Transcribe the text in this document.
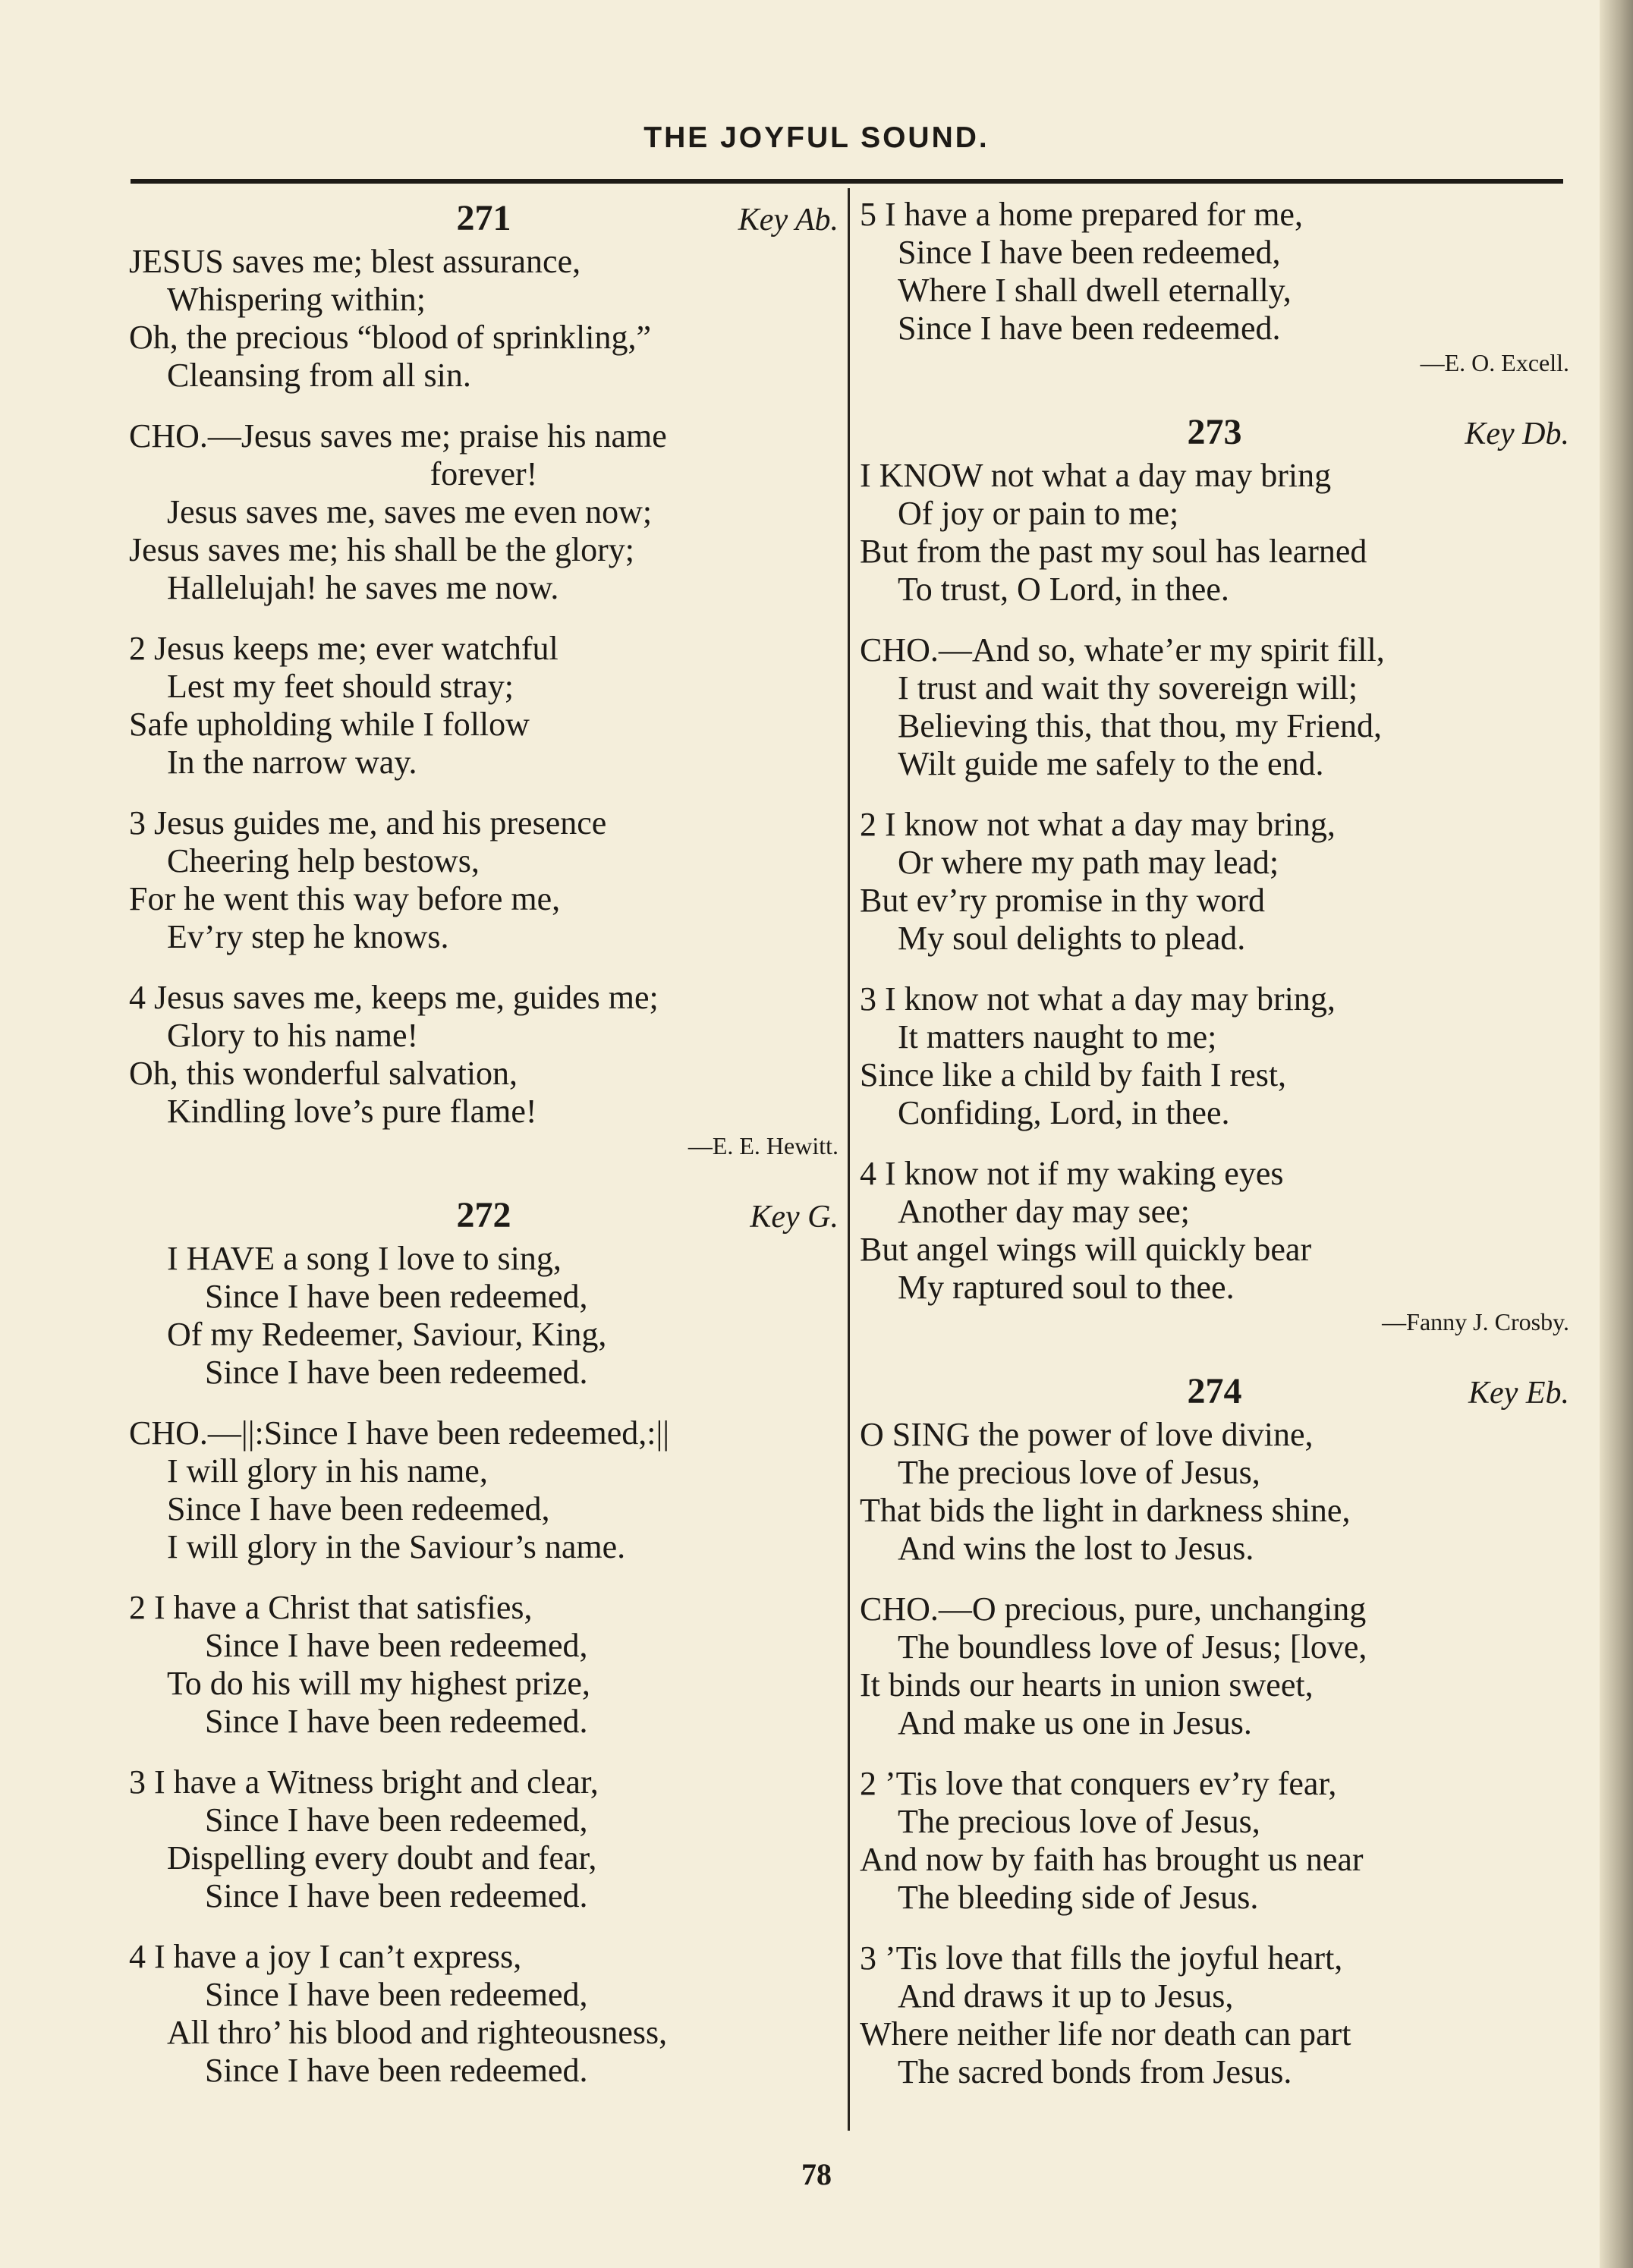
THE JOYFUL SOUND.
271	Key Ab.
JESUS saves me; blest assurance,
Whispering within;
Oh, the precious “blood of sprinkling,”
Cleansing from all sin.
CHO.—Jesus saves me; praise his name
forever!
Jesus saves me, saves me even now;
Jesus saves me; his shall be the glory;
Hallelujah! he saves me now.
2 Jesus keeps me; ever watchful
Lest my feet should stray;
Safe upholding while I follow
In the narrow way.
3 Jesus guides me, and his presence
Cheering help bestows,
For he went this way before me,
Ev’ry step he knows.
4 Jesus saves me, keeps me, guides me;
Glory to his name!
Oh, this wonderful salvation,
Kindling love’s pure flame!
—E. E. Hewitt.
272	Key G.
I HAVE a song I love to sing,
Since I have been redeemed,
Of my Redeemer, Saviour, King,
Since I have been redeemed.
CHO.—||:Since I have been redeemed,:||
I will glory in his name,
Since I have been redeemed,
I will glory in the Saviour’s name.
2 I have a Christ that satisfies,
Since I have been redeemed,
To do his will my highest prize,
Since I have been redeemed.
3 I have a Witness bright and clear,
Since I have been redeemed,
Dispelling every doubt and fear,
Since I have been redeemed.
4 I have a joy I can’t express,
Since I have been redeemed,
All thro’ his blood and righteousness,
Since I have been redeemed.
5 I have a home prepared for me,
Since I have been redeemed,
Where I shall dwell eternally,
Since I have been redeemed.
—E. O. Excell.
273	Key Db.
I KNOW not what a day may bring
Of joy or pain to me;
But from the past my soul has learned
To trust, O Lord, in thee.
CHO.—And so, whate’er my spirit fill,
I trust and wait thy sovereign will;
Believing this, that thou, my Friend,
Wilt guide me safely to the end.
2 I know not what a day may bring,
Or where my path may lead;
But ev’ry promise in thy word
My soul delights to plead.
3 I know not what a day may bring,
It matters naught to me;
Since like a child by faith I rest,
Confiding, Lord, in thee.
4 I know not if my waking eyes
Another day may see;
But angel wings will quickly bear
My raptured soul to thee.
—Fanny J. Crosby.
274	Key Eb.
O SING the power of love divine,
The precious love of Jesus,
That bids the light in darkness shine,
And wins the lost to Jesus.
CHO.—O precious, pure, unchanging
The boundless love of Jesus; [love,
It binds our hearts in union sweet,
And make us one in Jesus.
2 ’Tis love that conquers ev’ry fear,
The precious love of Jesus,
And now by faith has brought us near
The bleeding side of Jesus.
3 ’Tis love that fills the joyful heart,
And draws it up to Jesus,
Where neither life nor death can part
The sacred bonds from Jesus.
78
